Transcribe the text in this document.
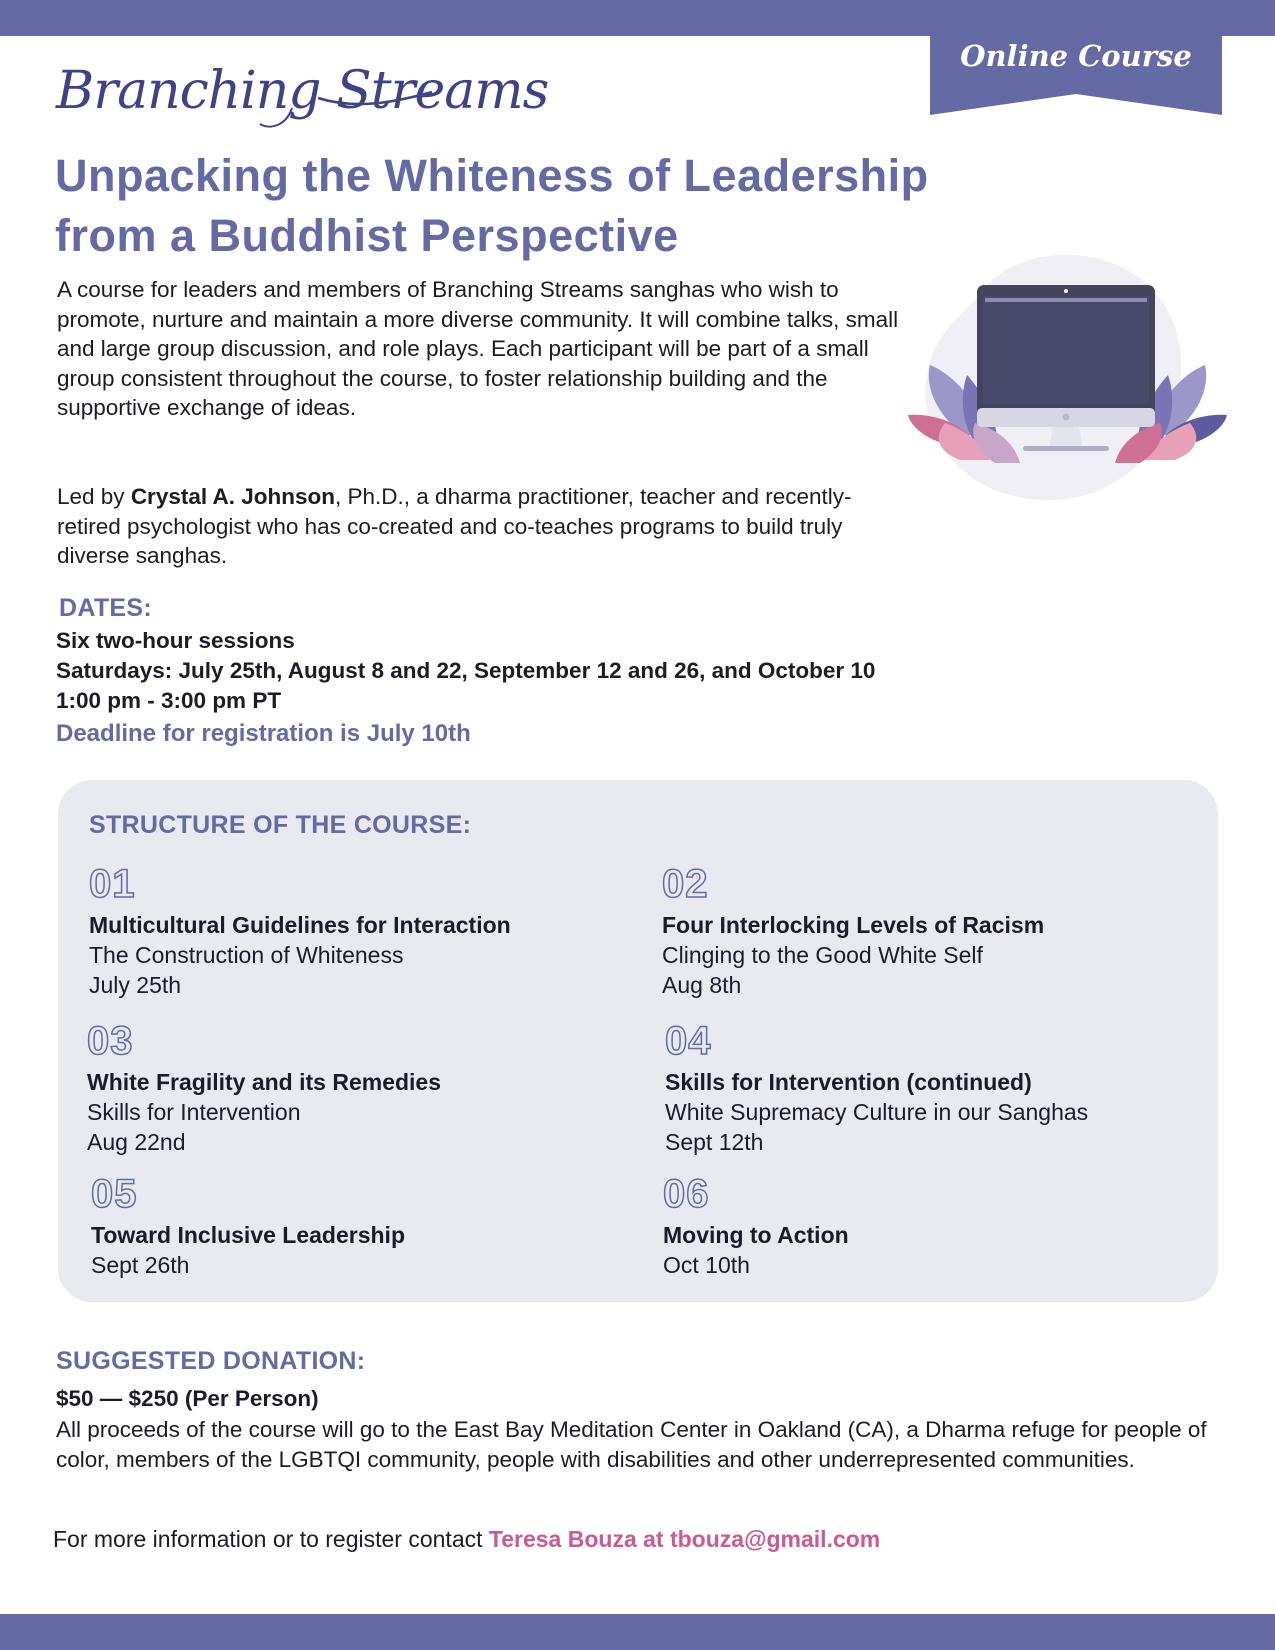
Online Course
Branching Streams
Unpacking the Whiteness of Leadership
from a Buddhist Perspective
A course for leaders and members of Branching Streams sanghas who wish to promote, nurture and maintain a more diverse community. It will combine talks, small and large group discussion, and role plays. Each participant will be part of a small group consistent throughout the course, to foster relationship building and the supportive exchange of ideas.
Led by Crystal A. Johnson, Ph.D., a dharma practitioner, teacher and recently-retired psychologist who has co-created and co-teaches programs to build truly diverse sanghas.
DATES:
Six two-hour sessions
Saturdays: July 25th, August 8 and 22, September 12 and 26, and October 10
1:00 pm - 3:00 pm PT
Deadline for registration is July 10th
STRUCTURE OF THE COURSE:
01
Multicultural Guidelines for Interaction
The Construction of Whiteness
July 25th
02
Four Interlocking Levels of Racism
Clinging to the Good White Self
Aug 8th
03
White Fragility and its Remedies
Skills for Intervention
Aug 22nd
04
Skills for Intervention (continued)
White Supremacy Culture in our Sanghas
Sept 12th
05
Toward Inclusive Leadership
Sept 26th
06
Moving to Action
Oct 10th
SUGGESTED DONATION:
$50 — $250 (Per Person)
All proceeds of the course will go to the East Bay Meditation Center in Oakland (CA), a Dharma refuge for people of color, members of the LGBTQI community, people with disabilities and other underrepresented communities.
For more information or to register contact Teresa Bouza at tbouza@gmail.com
